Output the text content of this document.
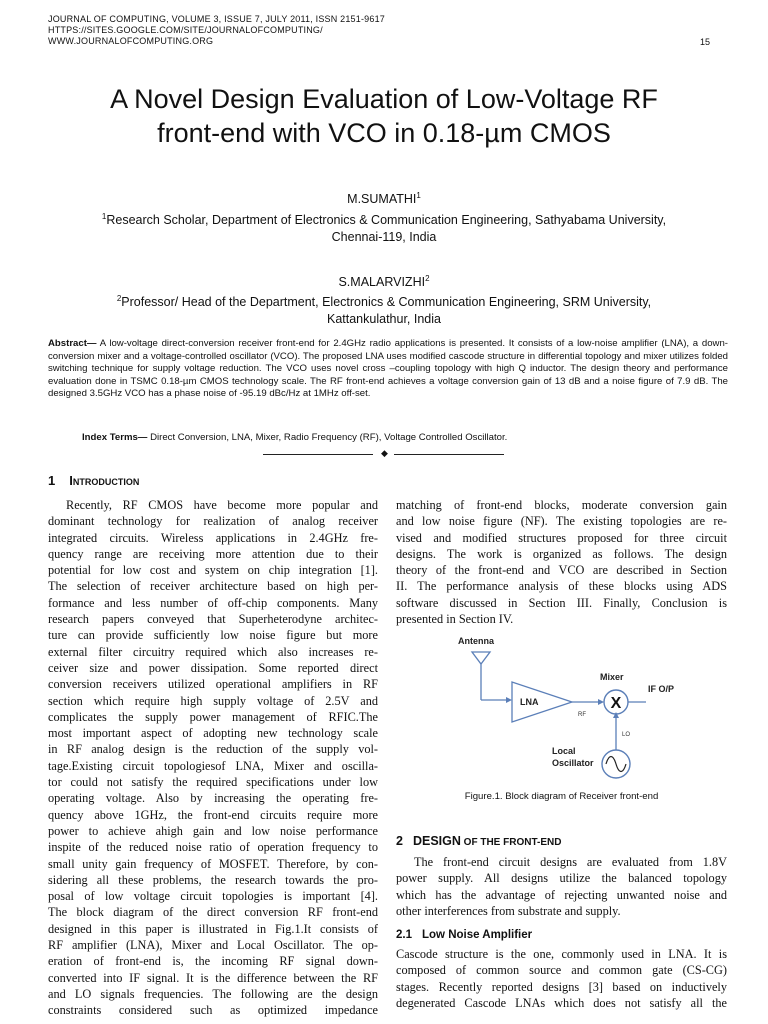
JOURNAL OF COMPUTING, VOLUME 3, ISSUE 7, JULY 2011, ISSN 2151-9617
HTTPS://SITES.GOOGLE.COM/SITE/JOURNALOFCOMPUTING/
WWW.JOURNALOFCOMPUTING.ORG	15
A Novel Design Evaluation of Low-Voltage RF
front-end with VCO in 0.18-µm CMOS
M.SUMATHI$^1$
$^1$Research Scholar, Department of Electronics & Communication Engineering, Sathyabama University,
Chennai-119, India
S.MALARVIZHI$^2$
$^2$Professor/ Head of the Department, Electronics & Communication Engineering, SRM University,
Kattankulathur, India
Abstract— A low-voltage direct-conversion receiver front-end for 2.4GHz radio applications is presented. It consists of a low-noise amplifier (LNA), a down-conversion mixer and a voltage-controlled oscillator (VCO). The proposed LNA uses modified cascode structure in differential topology and mixer utilizes folded switching technique for supply voltage reduction. The VCO uses novel cross –coupling topology with high Q inductor. The design theory and performance evaluation done in TSMC 0.18-µm CMOS technology scale. The RF front-end achieves a voltage conversion gain of 13 dB and a noise figure of 7.9 dB. The designed 3.5GHz VCO has a phase noise of -95.19 dBc/Hz at 1MHz off-set.
Index Terms— Direct Conversion, LNA, Mixer, Radio Frequency (RF), Voltage Controlled Oscillator.
◆
1 Introduction
Recently, RF CMOS have become more popular and
dominant technology for realization of analog receiver
integrated circuits. Wireless applications in 2.4GHz fre-
quency range are receiving more attention due to their
potential for low cost and system on chip integration [1].
The selection of receiver architecture based on high per-
formance and less number of off-chip components. Many
research papers conveyed that Superheterodyne architec-
ture can provide sufficiently low noise figure but more
external filter circuitry required which also increases re-
ceiver size and power dissipation. Some reported direct
conversion receivers utilized operational amplifiers in RF
section which require high supply voltage of 2.5V and
complicates the supply power management of RFIC.The
most important aspect of adopting new technology scale
in RF analog design is the reduction of the supply vol-
tage.Existing circuit topologiesof LNA, Mixer and oscilla-
tor could not satisfy the required specifications under low
operating voltage. Also by increasing the operating fre-
quency above 1GHz, the front-end circuits require more
power to achieve ahigh gain and low noise performance
inspite of the reduced noise ratio of operation frequency to
small unity gain frequency of MOSFET. Therefore, by con-
sidering all these problems, the research towards the pro-
posal of low voltage circuit topologies is important [4].
The block diagram of the direct conversion RF front-end
designed in this paper is illustrated in Fig.1.It consists of
RF amplifier (LNA), Mixer and Local Oscillator. The op-
eration of front-end is, the incoming RF signal down-
converted into IF signal. It is the difference between the RF
and LO signals frequencies. The following are the design
constraints considered such as optimized impedance
matching of front-end blocks, moderate conversion gain
and low noise figure (NF). The existing topologies are re-
vised and modified structures proposed for three circuit
designs. The work is organized as follows. The design
theory of the front-end and VCO are described in Section
II. The performance analysis of these blocks using ADS
software discussed in Section III. Finally, Conclusion is
presented in Section IV.
Antenna
LNA
RF
Mixer
X
IF O/P
LO
Local
Oscillator
Figure.1. Block diagram of Receiver front-end
2 DESIGN OF THE FRONT-END
The front-end circuit designs are evaluated from 1.8V
power supply. All designs utilize the balanced topology
which has the advantage of rejecting unwanted noise and
other interferences from substrate and supply.
2.1 Low Noise Amplifier
Cascode structure is the one, commonly used in LNA. It is
composed of common source and common gate (CS-CG)
stages. Recently reported designs [3] based on inductively
degenerated Cascode LNAs which does not satisfy all the
